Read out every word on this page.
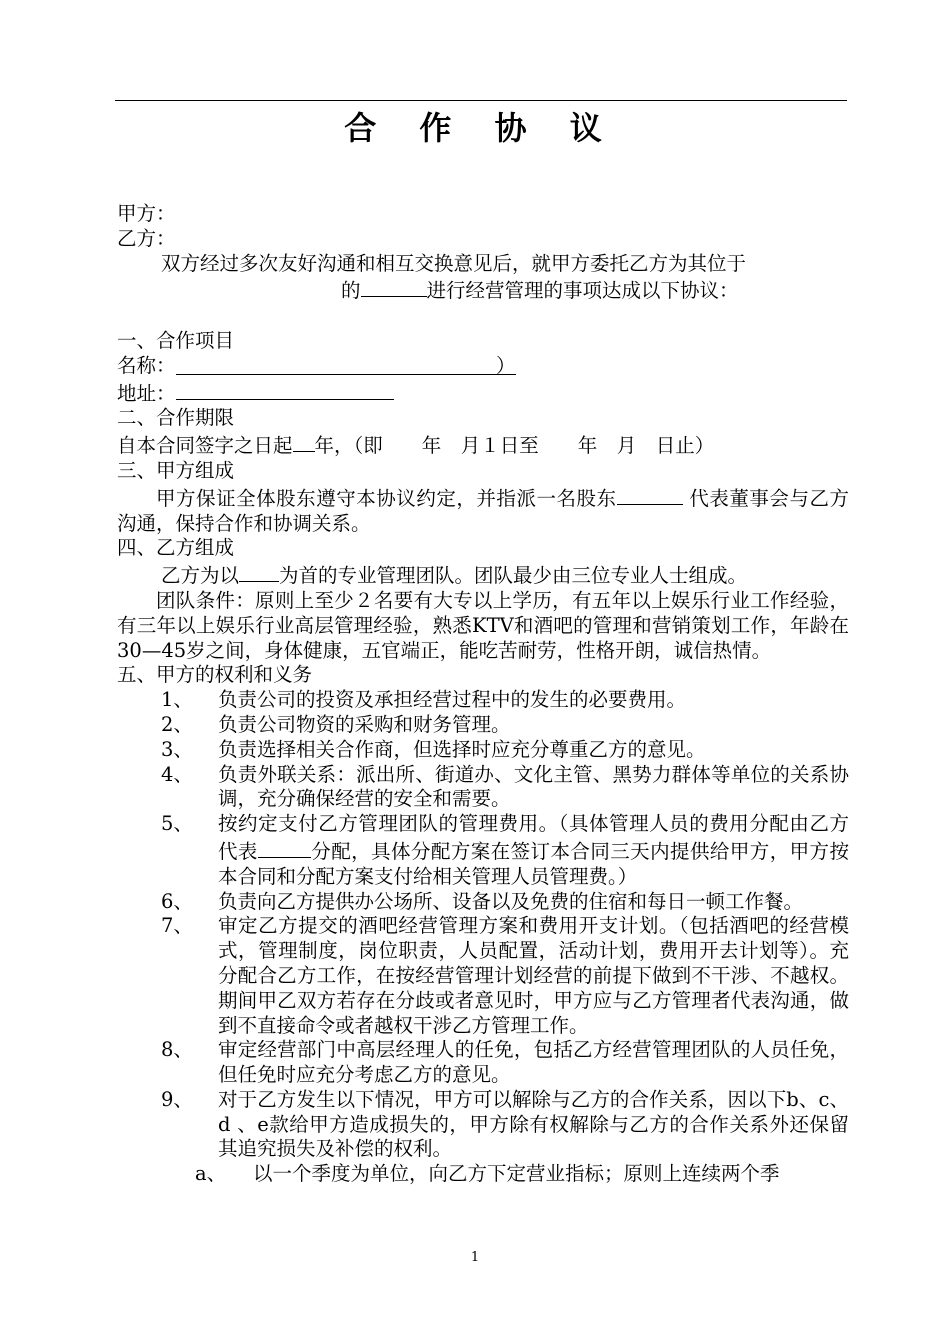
合 作 协 议
甲方：
乙方：
双方经过多次友好沟通和相互交换意见后，就甲方委托乙方为其位于
的	进行经营管理的事项达成以下协议：
一、合作项目
名称：	）
地址：
二、合作期限
自本合同签字之日起 年，（即　　年　月１日至　　年　月　日止）
三、甲方组成
甲方保证全体股东遵守本协议约定，并指派一名股东	代表董事会与乙方沟通，保持合作和协调关系。
四、乙方组成
乙方为以 为首的专业管理团队。团队最少由三位专业人士组成。
团队条件：原则上至少２名要有大专以上学历，有五年以上娱乐行业工作经验，有三年以上娱乐行业高层管理经验，熟悉KTV和酒吧的管理和营销策划工作，年龄在30—45岁之间，身体健康，五官端正，能吃苦耐劳，性格开朗，诚信热情。
五、甲方的权利和义务
1、	负责公司的投资及承担经营过程中的发生的必要费用。
2、	负责公司物资的采购和财务管理。
3、	负责选择相关合作商，但选择时应充分尊重乙方的意见。
4、	负责外联关系：派出所、街道办、文化主管、黑势力群体等单位的关系协调，充分确保经营的安全和需要。
5、	按约定支付乙方管理团队的管理费用。（具体管理人员的费用分配由乙方代表	分配，具体分配方案在签订本合同三天内提供给甲方，甲方按本合同和分配方案支付给相关管理人员管理费。）
6、	负责向乙方提供办公场所、设备以及免费的住宿和每日一顿工作餐。
7、	审定乙方提交的酒吧经营管理方案和费用开支计划。（包括酒吧的经营模式，管理制度，岗位职责，人员配置，活动计划，费用开去计划等）。充分配合乙方工作，在按经营管理计划经营的前提下做到不干涉、不越权。期间甲乙双方若存在分歧或者意见时，甲方应与乙方管理者代表沟通，做到不直接命令或者越权干涉乙方管理工作。
8、	审定经营部门中高层经理人的任免，包括乙方经营管理团队的人员任免，但任免时应充分考虑乙方的意见。
9、	对于乙方发生以下情况，甲方可以解除与乙方的合作关系，因以下b、c、d 、e款给甲方造成损失的，甲方除有权解除与乙方的合作关系外还保留其追究损失及补偿的权利。
a、	以一个季度为单位，向乙方下定营业指标；原则上连续两个季
1
